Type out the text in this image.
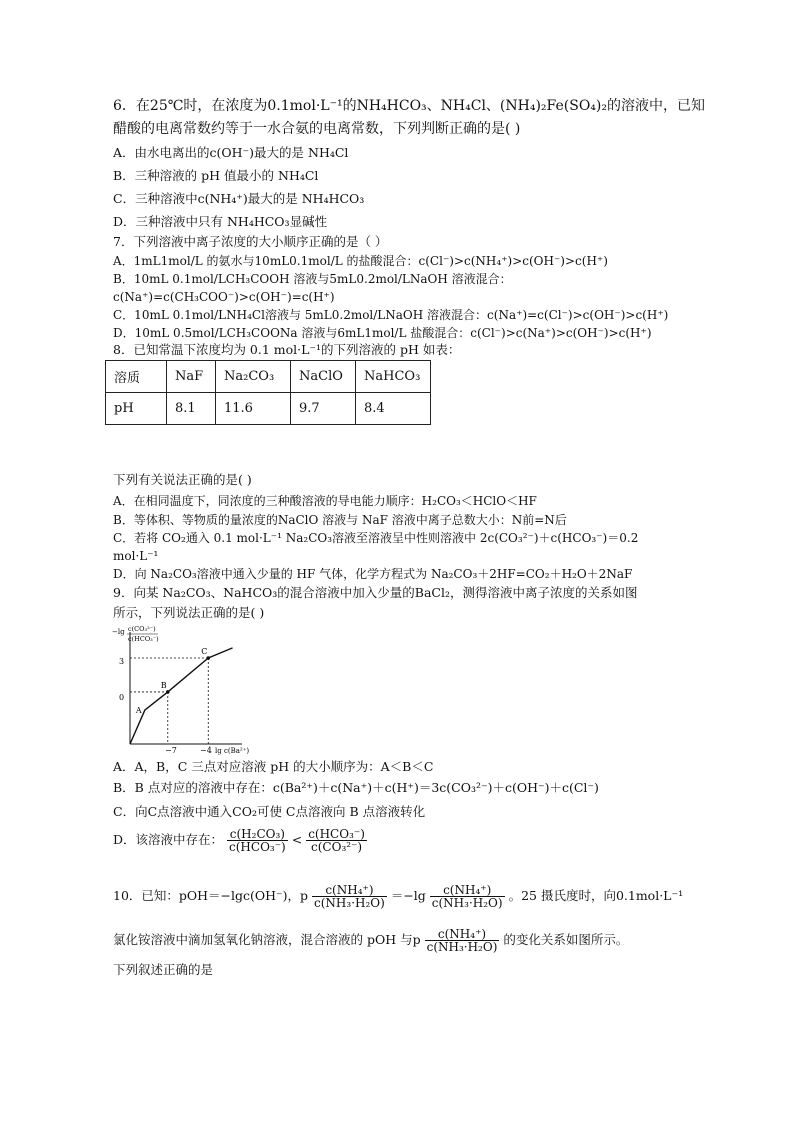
6．在25℃时，在浓度为0.1mol·L⁻¹的NH₄HCO₃、NH₄Cl、(NH₄)₂Fe(SO₄)₂的溶液中，已知
醋酸的电离常数约等于一水合氨的电离常数，下列判断正确的是( )
A．由水电离出的c(OH⁻)最大的是 NH₄Cl
B．三种溶液的 pH 值最小的 NH₄Cl
C．三种溶液中c(NH₄⁺)最大的是 NH₄HCO₃
D．三种溶液中只有 NH₄HCO₃显碱性
7．下列溶液中离子浓度的大小顺序正确的是（ ）
A．1mL1mol/L 的氨水与10mL0.1mol/L 的盐酸混合：c(Cl⁻)>c(NH₄⁺)>c(OH⁻)>c(H⁺)
B．10mL 0.1mol/LCH₃COOH 溶液与5mL0.2mol/LNaOH 溶液混合：
c(Na⁺)=c(CH₃COO⁻)>c(OH⁻)=c(H⁺)
C．10mL 0.1mol/LNH₄Cl溶液与 5mL0.2mol/LNaOH 溶液混合：c(Na⁺)=c(Cl⁻)>c(OH⁻)>c(H⁺)
D．10mL 0.5mol/LCH₃COONa 溶液与6mL1mol/L 盐酸混合：c(Cl⁻)>c(Na⁺)>c(OH⁻)>c(H⁺)
8．已知常温下浓度均为 0.1 mol·L⁻¹的下列溶液的 pH 如表：
溶质	NaF	Na₂CO₃	NaClO	NaHCO₃
pH	8.1	11.6	9.7	8.4
下列有关说法正确的是( )
A．在相同温度下，同浓度的三种酸溶液的导电能力顺序：H₂CO₃＜HClO＜HF
B．等体积、等物质的量浓度的NaClO 溶液与 NaF 溶液中离子总数大小：N前=N后
C．若将 CO₂通入 0.1 mol·L⁻¹ Na₂CO₃溶液至溶液呈中性则溶液中 2c(CO₃²⁻)＋c(HCO₃⁻)＝0.2
mol·L⁻¹
D．向 Na₂CO₃溶液中通入少量的 HF 气体，化学方程式为 Na₂CO₃＋2HF=CO₂＋H₂O＋2NaF
9．向某 Na₂CO₃、NaHCO₃的混合溶液中加入少量的BaCl₂，测得溶液中离子浓度的关系如图
所示，下列说法正确的是( )
−lg c(CO₃²⁻)
c(HCO₃⁻)
3
0
−7	−4 lg c(Ba²⁺)
A
B
C
A．A，B，C 三点对应溶液 pH 的大小顺序为：A＜B＜C
B．B 点对应的溶液中存在：c(Ba²⁺)＋c(Na⁺)＋c(H⁺)＝3c(CO₃²⁻)＋c(OH⁻)＋c(Cl⁻)
C．向C点溶液中通入CO₂可使 C点溶液向 B 点溶液转化
D．该溶液中存在： $\frac{\text{c(H₂CO₃)}}{\text{c(HCO₃⁻)}} < \frac{\text{c(HCO₃⁻)}}{\text{c(CO₃²⁻)}}$
10．已知：pOH＝−lgc(OH⁻)，p $\frac{\text{c(NH₄⁺)}}{\text{c(NH₃·H₂O)}} =-\lg \frac{\text{c(NH₄⁺)}}{\text{c(NH₃·H₂O)}}$ 。25 摄氏度时，向0.1mol·L⁻¹
氯化铵溶液中滴加氢氧化钠溶液，混合溶液的 pOH 与p $\frac{\text{c(NH₄⁺)}}{\text{c(NH₃·H₂O)}}$ 的变化关系如图所示。
下列叙述正确的是
